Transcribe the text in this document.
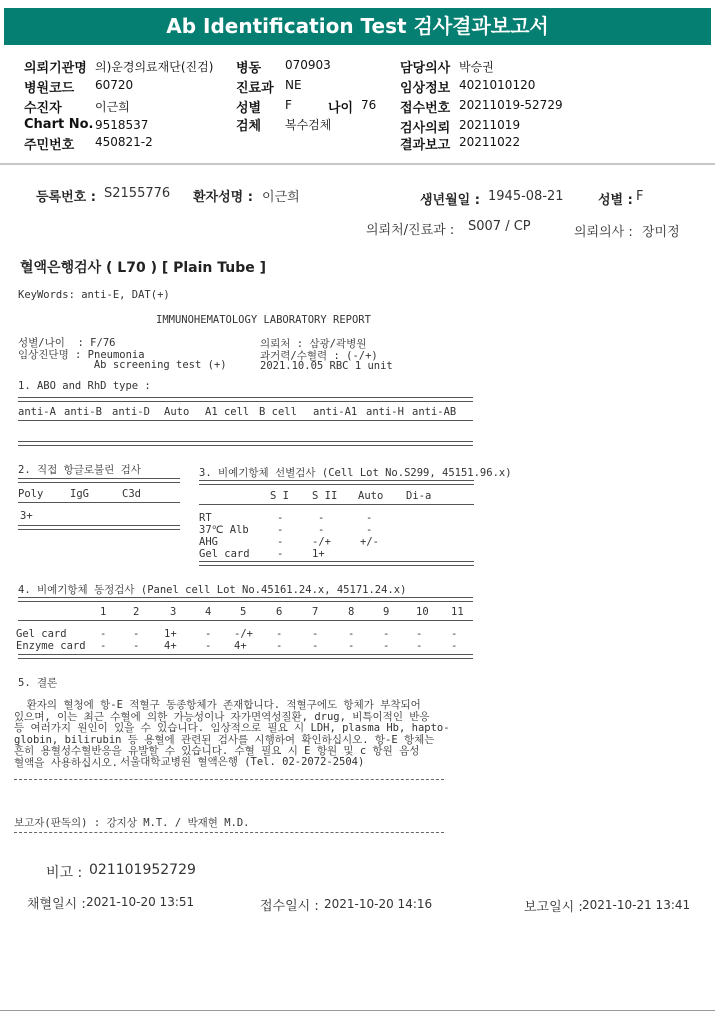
Ab Identification Test 검사결과보고서
의뢰기관명 의)운경의료재단(진검)
병원코드 60720
수진자	이근희
Chart No. 9518537
주민번호 450821-2
병동 070903
진료과 NE
성별 F	나이 76
검체 복수검체
담당의사 박승권
임상정보 4021010120
접수번호 20211019-52729
검사의뢰 20211019
결과보고 20211022
등록번호 : S2155776 환자성명 : 이근희	생년월일 : 1945-08-21	성별 : F
의뢰처/진료과 : S007 / CP	의뢰의사 : 장미정
혈액은행검사 ( L70 ) [ Plain Tube ]
KeyWords: anti-E, DAT(+)
IMMUNOHEMATOLOGY LABORATORY REPORT
성별/나이  : F/76
임상진단명 : Pneumonia
Ab screening test (+)
의뢰처 : 삼광/곽병원
과거력/수혈력 : (-/+)
2021.10.05 RBC 1 unit
1. ABO and RhD type :
anti-A anti-B anti-D Auto A1 cell B cell anti-A1 anti-H anti-AB
2. 직접 항글로불린 검사
Poly	IgG	C3d
3+
3. 비예기항체 선별검사 (Cell Lot No.S299, 45151.96.x)
S I S II Auto Di-a
RT	-	-	-
37℃ Alb	-	-	-
AHG	-	-/+	+/-
Gel card	-	1+
4. 비예기항체 동정검사 (Panel cell Lot No.45161.24.x, 45171.24.x)
1	2	3	4	5	6	7	8	9	10 11
Gel card	-	- 1+	- -/+ -	-	-	-	-	-
Enzyme card -	- 4+	- 4+	-	-	-	-	-	-
5. 결론
환자의 혈청에 항-E 적혈구 동종항체가 존재합니다. 적혈구에도 항체가 부착되어
있으며, 이는 최근 수혈에 의한 가능성이나 자가면역성질환, drug, 비특이적인 반응
등 여러가지 원인이 있을 수 있습니다. 임상적으로 필요 시 LDH, plasma Hb, hapto-
globin, bilirubin 등 용혈에 관련된 검사를 시행하여 확인하십시오. 항-E 항체는
흔히 용혈성수혈반응을 유발할 수 있습니다. 수혈 필요 시 E 항원 및 c 항원 음성
혈액을 사용하십시오. 서울대학교병원 혈액은행 (Tel. 02-2072-2504)
보고자(판독의) : 강지상 M.T. / 박재현 M.D.
비고 : 021101952729
채혈일시 : 2021-10-20 13:51	접수일시 : 2021-10-20 14:16	보고일시 : 2021-10-21 13:41
